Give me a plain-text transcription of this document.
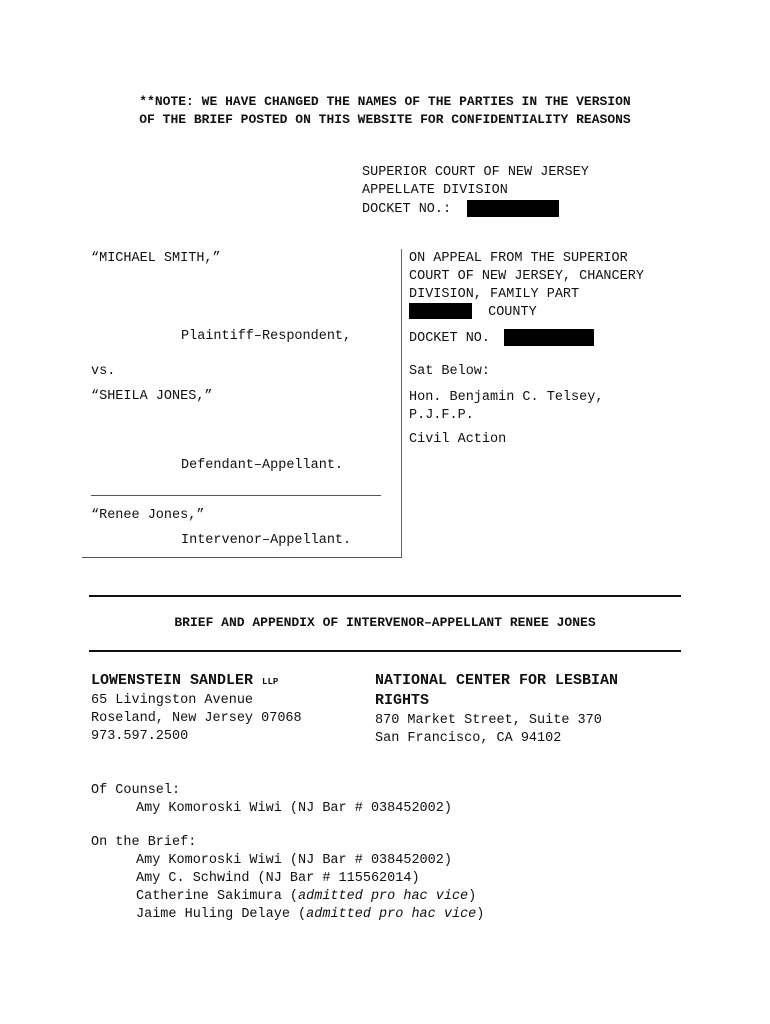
**NOTE: WE HAVE CHANGED THE NAMES OF THE PARTIES IN THE VERSION
OF THE BRIEF POSTED ON THIS WEBSITE FOR CONFIDENTIALITY REASONS
SUPERIOR COURT OF NEW JERSEY
APPELLATE DIVISION
DOCKET NO.:
“MICHAEL SMITH,”
Plaintiff–Respondent,
vs.
“SHEILA JONES,”
Defendant–Appellant.
“Renee Jones,”
Intervenor–Appellant.
ON APPEAL FROM THE SUPERIOR
COURT OF NEW JERSEY, CHANCERY
DIVISION, FAMILY PART
COUNTY
DOCKET NO.
Sat Below:
Hon. Benjamin C. Telsey,
P.J.F.P.
Civil Action
BRIEF AND APPENDIX OF INTERVENOR–APPELLANT RENEE JONES
LOWENSTEIN SANDLER LLP
65 Livingston Avenue
Roseland, New Jersey 07068
973.597.2500
NATIONAL CENTER FOR LESBIAN
RIGHTS
870 Market Street, Suite 370
San Francisco, CA 94102
Of Counsel:
Amy Komoroski Wiwi (NJ Bar # 038452002)
On the Brief:
Amy Komoroski Wiwi (NJ Bar # 038452002)
Amy C. Schwind (NJ Bar # 115562014)
Catherine Sakimura (admitted pro hac vice)
Jaime Huling Delaye (admitted pro hac vice)
